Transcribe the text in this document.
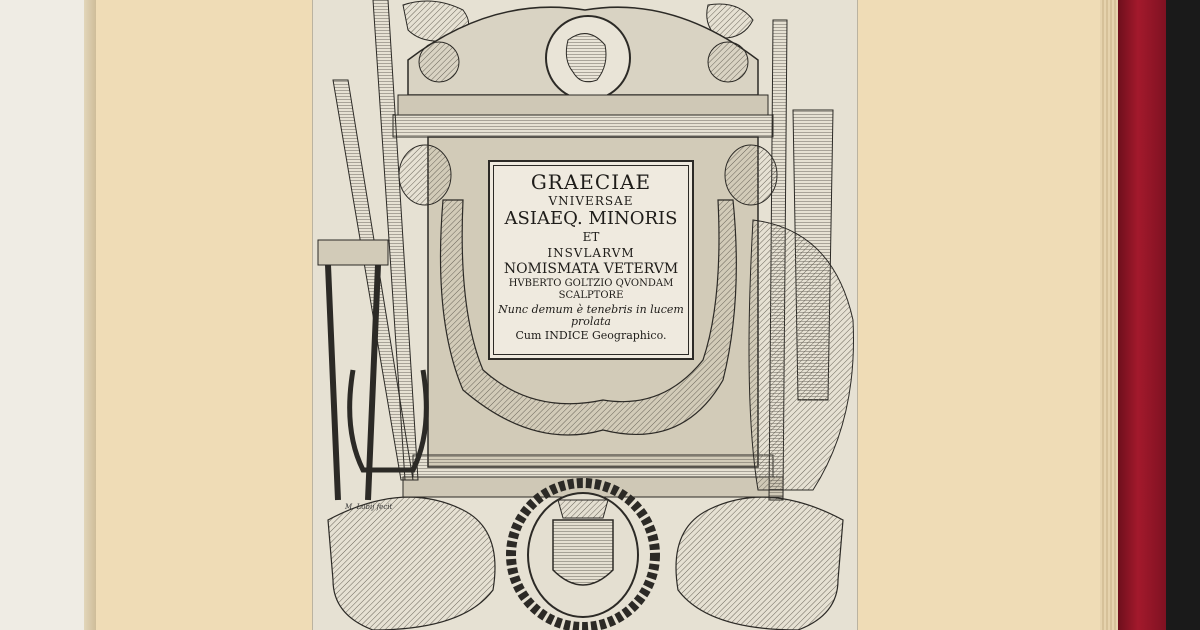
GRAECIAE
VNIVERSAE
ASIAEQ. MINORIS
ET
INSVLARVM
NOMISMATA VETERVM
HVBERTO GOLTZIO QVONDAM
SCALPTORE
Nunc demum è tenebris in lucem
prolata
Cum INDICE Geographico.
M. Lobij fecit
